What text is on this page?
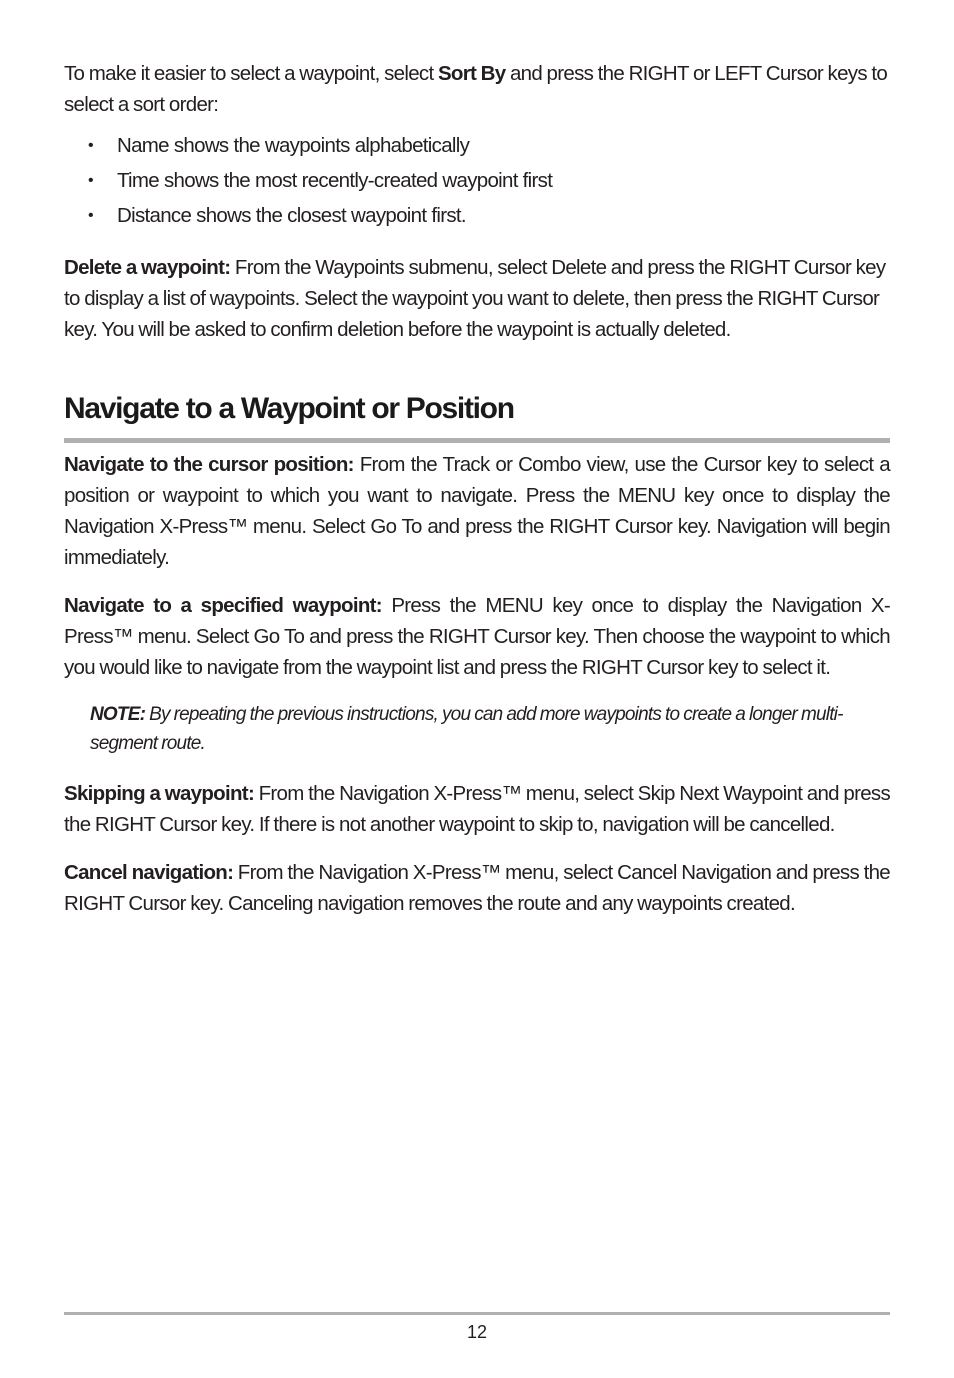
To make it easier to select a waypoint, select Sort By and press the RIGHT or LEFT Cursor keys to select a sort order:

• Name shows the waypoints alphabetically
• Time shows the most recently-created waypoint first
• Distance shows the closest waypoint first.

Delete a waypoint: From the Waypoints submenu, select Delete and press the RIGHT Cursor key to display a list of waypoints. Select the waypoint you want to delete, then press the RIGHT Cursor key. You will be asked to confirm deletion before the waypoint is actually deleted.

Navigate to a Waypoint or Position

Navigate to the cursor position: From the Track or Combo view, use the Cursor key to select a position or waypoint to which you want to navigate. Press the MENU key once to display the Navigation X-Press™ menu. Select Go To and press the RIGHT Cursor key. Navigation will begin immediately.

Navigate to a specified waypoint: Press the MENU key once to display the Navigation X-Press™ menu. Select Go To and press the RIGHT Cursor key. Then choose the waypoint to which you would like to navigate from the waypoint list and press the RIGHT Cursor key to select it.

NOTE: By repeating the previous instructions, you can add more waypoints to create a longer multi-segment route.

Skipping a waypoint: From the Navigation X-Press™ menu, select Skip Next Waypoint and press the RIGHT Cursor key. If there is not another waypoint to skip to, navigation will be cancelled.

Cancel navigation: From the Navigation X-Press™ menu, select Cancel Navigation and press the RIGHT Cursor key. Canceling navigation removes the route and any waypoints created.

12
